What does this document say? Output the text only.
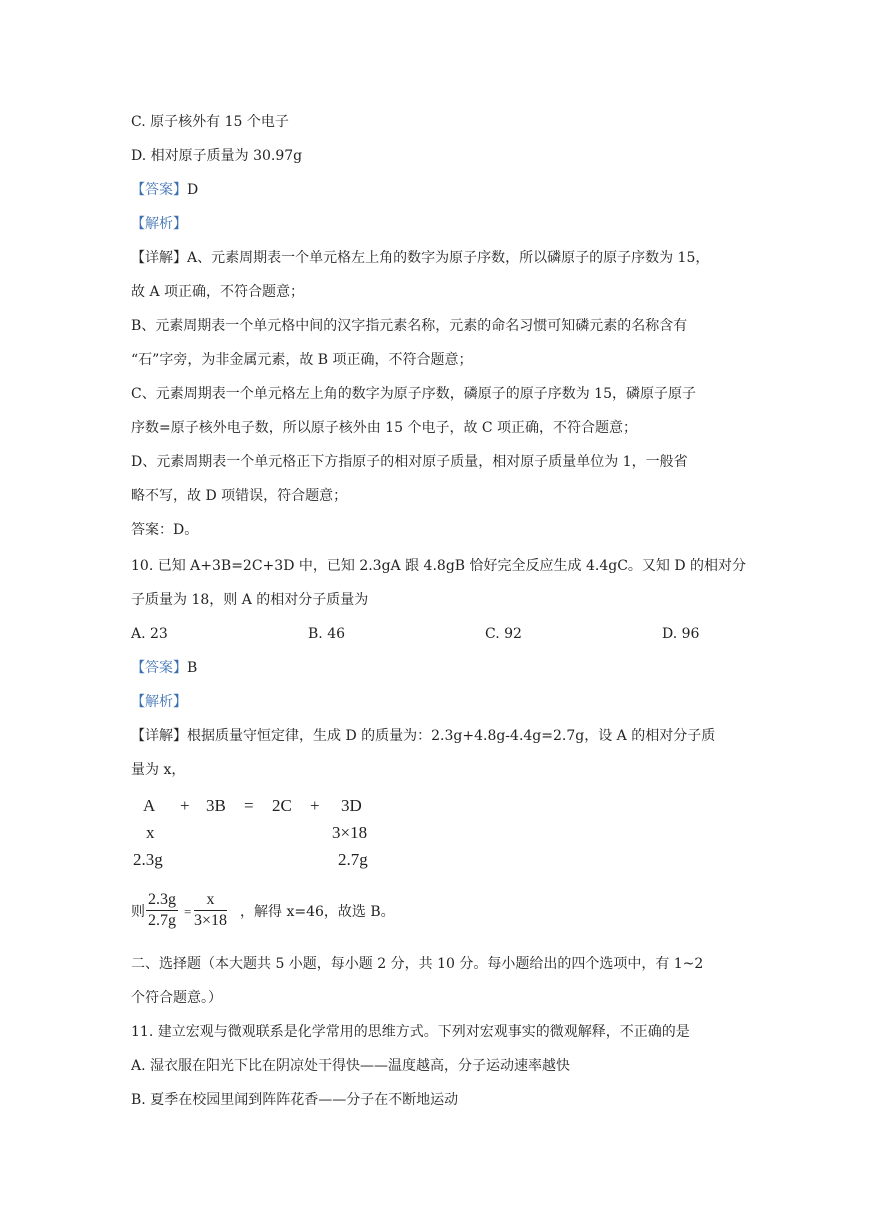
C. 原子核外有 15 个电子
D. 相对原子质量为 30.97g
【答案】D
【解析】
【详解】A、元素周期表一个单元格左上角的数字为原子序数，所以磷原子的原子序数为 15，
故 A 项正确，不符合题意；
B、元素周期表一个单元格中间的汉字指元素名称，元素的命名习惯可知磷元素的名称含有
“石”字旁，为非金属元素，故 B 项正确，不符合题意；
C、元素周期表一个单元格左上角的数字为原子序数，磷原子的原子序数为 15，磷原子原子
序数=原子核外电子数，所以原子核外由 15 个电子，故 C 项正确，不符合题意；
D、元素周期表一个单元格正下方指原子的相对原子质量，相对原子质量单位为 1，一般省
略不写，故 D 项错误，符合题意；
答案：D。
10. 已知 A+3B=2C+3D 中，已知 2.3gA 跟 4.8gB 恰好完全反应生成 4.4gC。又知 D 的相对分
子质量为 18，则 A 的相对分子质量为
A. 23	B. 46	C. 92	D. 96
【答案】B
【解析】
【详解】根据质量守恒定律，生成 D 的质量为：2.3g+4.8g-4.4g=2.7g，设 A 的相对分子质
量为 x，
A + 3B = 2C + 3D
x	3×18
2.3g	2.7g
则 $\frac{2.3g}{2.7g} = \frac{x}{3\times 18}$ ，解得 x=46，故选 B。
二、选择题（本大题共 5 小题，每小题 2 分，共 10 分。每小题给出的四个选项中，有 1~2
个符合题意。）
11. 建立宏观与微观联系是化学常用的思维方式。下列对宏观事实的微观解释，不正确的是
A. 湿衣服在阳光下比在阴凉处干得快——温度越高，分子运动速率越快
B. 夏季在校园里闻到阵阵花香——分子在不断地运动
